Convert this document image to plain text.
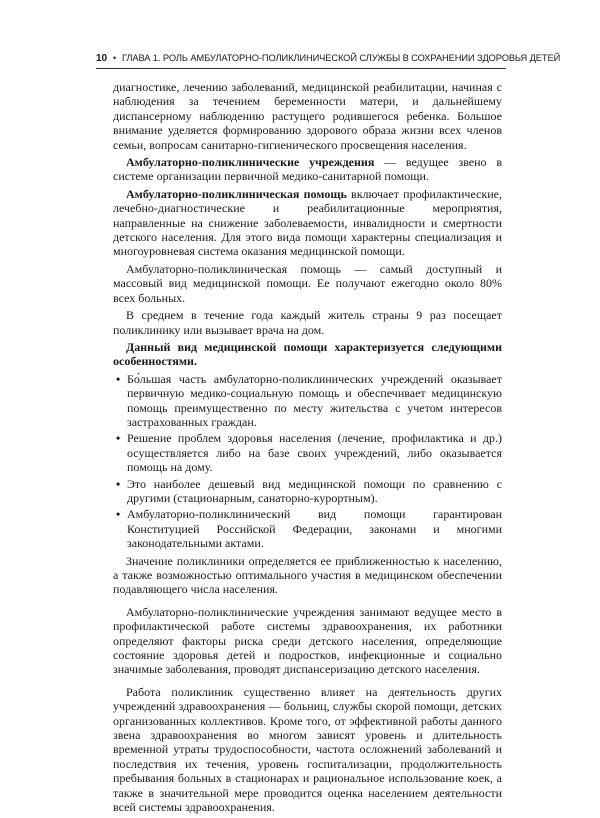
10 • ГЛАВА 1. РОЛЬ АМБУЛАТОРНО-ПОЛИКЛИНИЧЕСКОЙ СЛУЖБЫ В СОХРАНЕНИИ ЗДОРОВЬЯ ДЕТЕЙ

диагностике, лечению заболеваний, медицинской реабилитации, начиная с наблюдения за течением беременности матери, и дальнейшему диспансерному наблюдению растущего родившегося ребенка. Большое внимание уделяется формированию здорового образа жизни всех членов семьи, вопросам санитарно-гигиенического просвещения населения.

Амбулаторно-поликлинические учреждения — ведущее звено в системе организации первичной медико-санитарной помощи.

Амбулаторно-поликлиническая помощь включает профилактические, лечебно-диагностические и реабилитационные мероприятия, направленные на снижение заболеваемости, инвалидности и смертности детского населения. Для этого вида помощи характерны специализация и многоуровневая система оказания медицинской помощи.

Амбулаторно-поликлиническая помощь — самый доступный и массовый вид медицинской помощи. Ее получают ежегодно около 80% всех больных.

В среднем в течение года каждый житель страны 9 раз посещает поликлинику или вызывает врача на дом.

Данный вид медицинской помощи характеризуется следующими особенностями.

• Бо́льшая часть амбулаторно-поликлинических учреждений оказывает первичную медико-социальную помощь и обеспечивает медицинскую помощь преимущественно по месту жительства с учетом интересов застрахованных граждан.
• Решение проблем здоровья населения (лечение, профилактика и др.) осуществляется либо на базе своих учреждений, либо оказывается помощь на дому.
• Это наиболее дешевый вид медицинской помощи по сравнению с другими (стационарным, санаторно-курортным).
• Амбулаторно-поликлинический вид помощи гарантирован Конституцией Российской Федерации, законами и многими законодательными актами.

Значение поликлиники определяется ее приближенностью к населению, а также возможностью оптимального участия в медицинском обеспечении подавляющего числа населения.

Амбулаторно-поликлинические учреждения занимают ведущее место в профилактической работе системы здравоохранения, их работники определяют факторы риска среди детского населения, определяющие состояние здоровья детей и подростков, инфекционные и социально значимые заболевания, проводят диспансеризацию детского населения.

Работа поликлиник существенно влияет на деятельность других учреждений здравоохранения — больниц, службы скорой помощи, детских организованных коллективов. Кроме того, от эффективной работы данного звена здравоохранения во многом зависят уровень и длительность временной утраты трудоспособности, частота осложнений заболеваний и последствия их течения, уровень госпитализации, продолжительность пребывания больных в стационарах и рациональное использование коек, а также в значительной мере проводится оценка населением деятельности всей системы здравоохранения.
